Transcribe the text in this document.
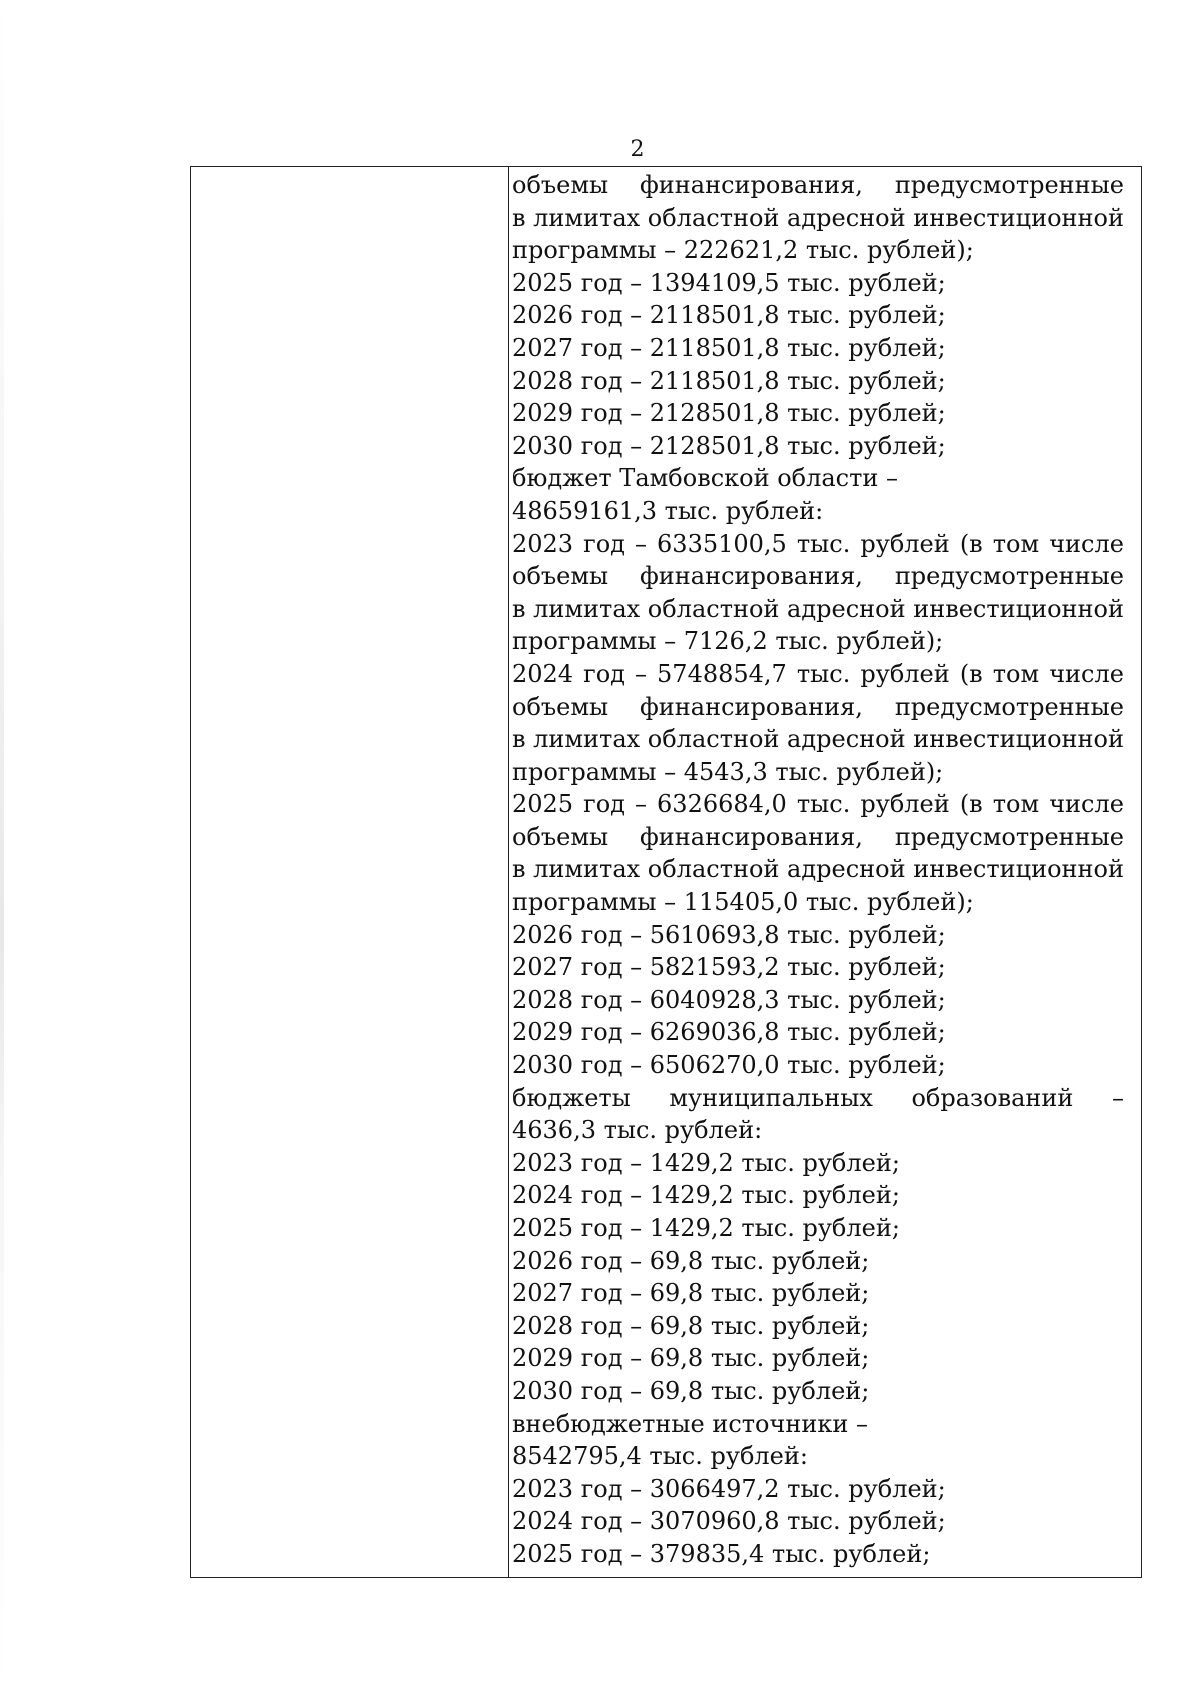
2
объемы финансирования, предусмотренные
в лимитах областной адресной инвестиционной
программы – 222621,2 тыс. рублей);
2025 год – 1394109,5 тыс. рублей;
2026 год – 2118501,8 тыс. рублей;
2027 год – 2118501,8 тыс. рублей;
2028 год – 2118501,8 тыс. рублей;
2029 год – 2128501,8 тыс. рублей;
2030 год – 2128501,8 тыс. рублей;
бюджет Тамбовской области –
48659161,3 тыс. рублей:
2023 год – 6335100,5 тыс. рублей (в том числе
объемы финансирования, предусмотренные
в лимитах областной адресной инвестиционной
программы – 7126,2 тыс. рублей);
2024 год – 5748854,7 тыс. рублей (в том числе
объемы финансирования, предусмотренные
в лимитах областной адресной инвестиционной
программы – 4543,3 тыс. рублей);
2025 год – 6326684,0 тыс. рублей (в том числе
объемы финансирования, предусмотренные
в лимитах областной адресной инвестиционной
программы – 115405,0 тыс. рублей);
2026 год – 5610693,8 тыс. рублей;
2027 год – 5821593,2 тыс. рублей;
2028 год – 6040928,3 тыс. рублей;
2029 год – 6269036,8 тыс. рублей;
2030 год – 6506270,0 тыс. рублей;
бюджеты муниципальных образований –
4636,3 тыс. рублей:
2023 год – 1429,2 тыс. рублей;
2024 год – 1429,2 тыс. рублей;
2025 год – 1429,2 тыс. рублей;
2026 год – 69,8 тыс. рублей;
2027 год – 69,8 тыс. рублей;
2028 год – 69,8 тыс. рублей;
2029 год – 69,8 тыс. рублей;
2030 год – 69,8 тыс. рублей;
внебюджетные источники –
8542795,4 тыс. рублей:
2023 год – 3066497,2 тыс. рублей;
2024 год – 3070960,8 тыс. рублей;
2025 год – 379835,4 тыс. рублей;
